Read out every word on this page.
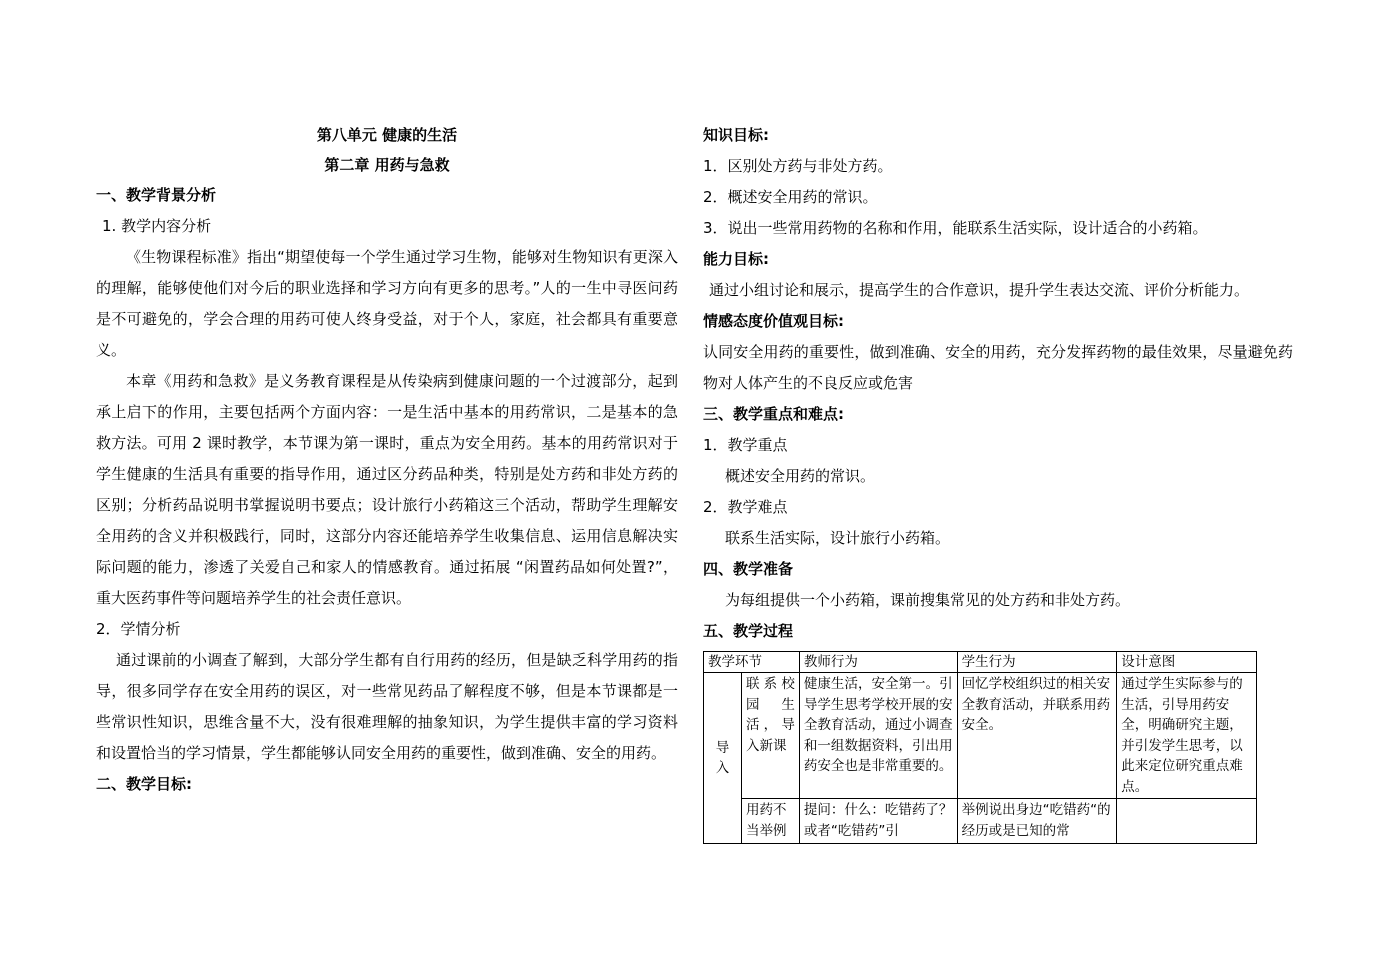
第八单元 健康的生活
第二章 用药与急救
一、教学背景分析
1. 教学内容分析
《生物课程标准》指出“期望使每一个学生通过学习生物，能够对生物知识有更深入的理解，能够使他们对今后的职业选择和学习方向有更多的思考。”人的一生中寻医问药是不可避免的，学会合理的用药可使人终身受益，对于个人，家庭，社会都具有重要意义。
本章《用药和急救》是义务教育课程是从传染病到健康问题的一个过渡部分，起到承上启下的作用，主要包括两个方面内容：一是生活中基本的用药常识，二是基本的急救方法。可用 2 课时教学，本节课为第一课时，重点为安全用药。基本的用药常识对于学生健康的生活具有重要的指导作用，通过区分药品种类，特别是处方药和非处方药的区别；分析药品说明书掌握说明书要点；设计旅行小药箱这三个活动，帮助学生理解安全用药的含义并积极践行，同时，这部分内容还能培养学生收集信息、运用信息解决实际问题的能力，渗透了关爱自己和家人的情感教育。通过拓展 “闲置药品如何处置?”，重大医药事件等问题培养学生的社会责任意识。
2．学情分析
通过课前的小调查了解到，大部分学生都有自行用药的经历，但是缺乏科学用药的指导，很多同学存在安全用药的误区，对一些常见药品了解程度不够，但是本节课都是一些常识性知识，思维含量不大，没有很难理解的抽象知识，为学生提供丰富的学习资料和设置恰当的学习情景，学生都能够认同安全用药的重要性，做到准确、安全的用药。
二、教学目标:
知识目标:
1．区别处方药与非处方药。
2．概述安全用药的常识。
3．说出一些常用药物的名称和作用，能联系生活实际，设计适合的小药箱。
能力目标:
通过小组讨论和展示，提高学生的合作意识，提升学生表达交流、评价分析能力。
情感态度价值观目标:
认同安全用药的重要性，做到准确、安全的用药，充分发挥药物的最佳效果，尽量避免药物对人体产生的不良反应或危害
三、教学重点和难点:
1．教学重点
概述安全用药的常识。
2．教学难点
联系生活实际，设计旅行小药箱。
四、教学准备
为每组提供一个小药箱，课前搜集常见的处方药和非处方药。
五、教学过程
教学环节		教师行为	学生行为	设计意图

导入	联系校园生活，导入新课	健康生活，安全第一。引导学生思考学校开展的安全教育活动，通过小调查和一组数据资料，引出用药安全也是非常重要的。	回忆学校组织过的相关安全教育活动，并联系用药安全。	通过学生实际参与的生活，引导用药安全，明确研究主题，并引发学生思考，以此来定位研究重点难点。

	用药不当举例	提问：什么：吃错药了？或者“吃错药”引	举例说出身边“吃错药“的经历或是已知的常	
